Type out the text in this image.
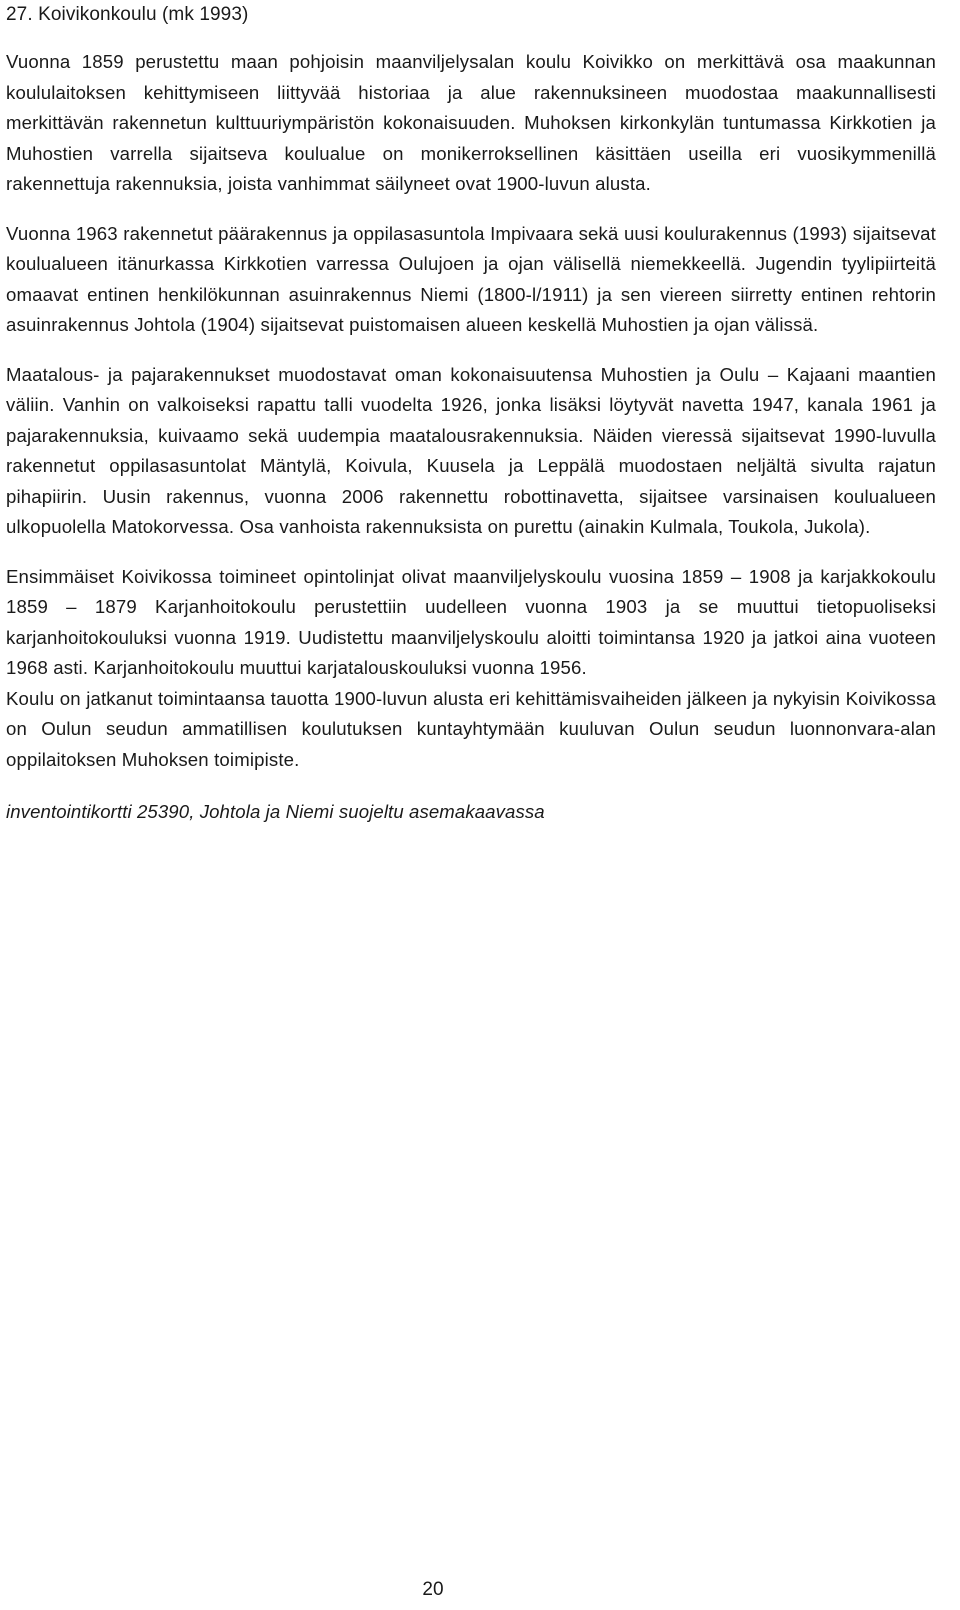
27. Koivikonkoulu (mk 1993)

Vuonna 1859 perustettu maan pohjoisin maanviljelysalan koulu Koivikko on merkittävä osa maakunnan koululaitoksen kehittymiseen liittyvää historiaa ja alue rakennuksineen muodostaa maakunnallisesti merkittävän rakennetun kulttuuriympäristön kokonaisuuden. Muhoksen kirkonkylän tuntumassa Kirkkotien ja Muhostien varrella sijaitseva koulualue on monikerroksellinen käsittäen useilla eri vuosikymmenillä rakennettuja rakennuksia, joista vanhimmat säilyneet ovat 1900-luvun alusta.

Vuonna 1963 rakennetut päärakennus ja oppilasasuntola Impivaara sekä uusi koulurakennus (1993) sijaitsevat koulualueen itänurkassa Kirkkotien varressa Oulujoen ja ojan välisellä niemekkeellä. Jugendin tyylipiirteitä omaavat entinen henkilökunnan asuinrakennus Niemi (1800-l/1911) ja sen viereen siirretty entinen rehtorin asuinrakennus Johtola (1904) sijaitsevat puistomaisen alueen keskellä Muhostien ja ojan välissä.

Maatalous- ja pajarakennukset muodostavat oman kokonaisuutensa Muhostien ja Oulu – Kajaani maantien väliin. Vanhin on valkoiseksi rapattu talli vuodelta 1926, jonka lisäksi löytyvät navetta 1947, kanala 1961 ja pajarakennuksia, kuivaamo sekä uudempia maatalousrakennuksia. Näiden vieressä sijaitsevat 1990-luvulla rakennetut oppilasasuntolat Mäntylä, Koivula, Kuusela ja Leppälä muodostaen neljältä sivulta rajatun pihapiirin. Uusin rakennus, vuonna 2006 rakennettu robottinavetta, sijaitsee varsinaisen koulualueen ulkopuolella Matokorvessa. Osa vanhoista rakennuksista on purettu (ainakin Kulmala, Toukola, Jukola).

Ensimmäiset Koivikossa toimineet opintolinjat olivat maanviljelyskoulu vuosina 1859 – 1908 ja karjakkokoulu 1859 – 1879 Karjanhoitokoulu perustettiin uudelleen vuonna 1903 ja se muuttui tietopuoliseksi karjanhoitokouluksi vuonna 1919. Uudistettu maanviljelyskoulu aloitti toimintansa 1920 ja jatkoi aina vuoteen 1968 asti. Karjanhoitokoulu muuttui karjatalouskouluksi vuonna 1956.

Koulu on jatkanut toimintaansa tauotta 1900-luvun alusta eri kehittämisvaiheiden jälkeen ja nykyisin Koivikossa on Oulun seudun ammatillisen koulutuksen kuntayhtymään kuuluvan Oulun seudun luonnonvara-alan oppilaitoksen Muhoksen toimipiste.

inventointikortti 25390, Johtola ja Niemi suojeltu asemakaavassa

20
